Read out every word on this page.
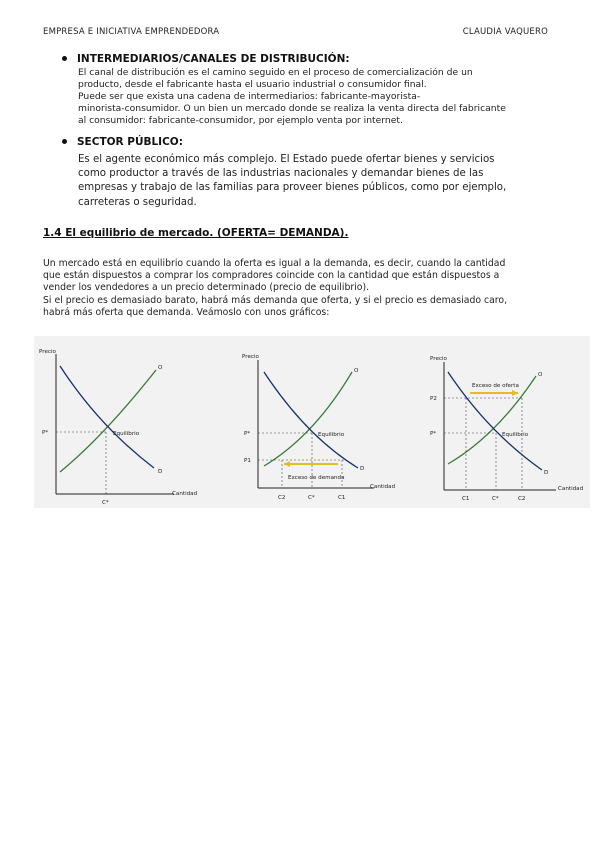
EMPRESA E INICIATIVA EMPRENDEDORA	CLAUDIA VAQUERO
INTERMEDIARIOS/CANALES DE DISTRIBUCIÓN:
El canal de distribución es el camino seguido en el proceso de comercialización de un
producto, desde el fabricante hasta el usuario industrial o consumidor final.
Puede ser que exista una cadena de intermediarios: fabricante-mayorista-
minorista-consumidor. O un bien un mercado donde se realiza la venta directa del fabricante
al consumidor: fabricante-consumidor, por ejemplo venta por internet.
SECTOR PÚBLICO:
Es el agente económico más complejo. El Estado puede ofertar bienes y servicios
como productor a través de las industrias nacionales y demandar bienes de las
empresas y trabajo de las familias para proveer bienes públicos, como por ejemplo,
carreteras o seguridad.
1.4 El equilibrio de mercado. (OFERTA= DEMANDA).
Un mercado está en equilibrio cuando la oferta es igual a la demanda, es decir, cuando la cantidad
que están dispuestos a comprar los compradores coincide con la cantidad que están dispuestos a
vender los vendedores a un precio determinado (precio de equilibrio).
Si el precio es demasiado barato, habrá más demanda que oferta, y si el precio es demasiado caro,
habrá más oferta que demanda. Veámoslo con unos gráficos:
Precio
Cantidad
O
D
P*
C*
Equilibrio
Precio
Cantidad
O
D
P*
P1
Exceso de demanda
Equilibrio
C2	C*	C1
Precio
Cantidad
O
D
Exceso de oferta
P2
P*	Equilibrio
C1	C*	C2
